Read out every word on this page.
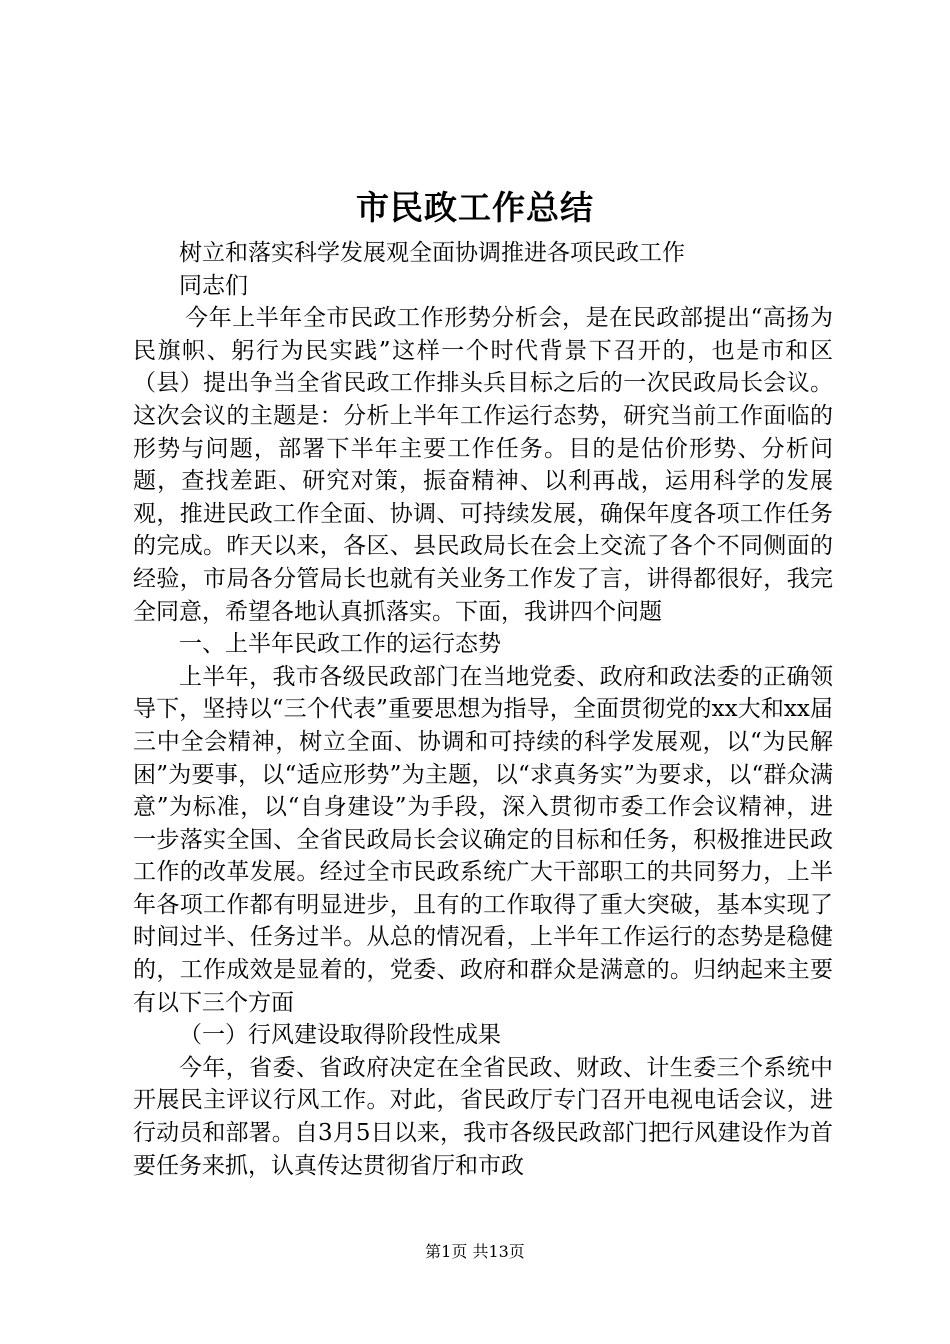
市民政工作总结

树立和落实科学发展观全面协调推进各项民政工作

同志们

今年上半年全市民政工作形势分析会，是在民政部提出“高扬为民旗帜、躬行为民实践”这样一个时代背景下召开的，也是市和区（县）提出争当全省民政工作排头兵目标之后的一次民政局长会议。这次会议的主题是：分析上半年工作运行态势，研究当前工作面临的形势与问题，部署下半年主要工作任务。目的是估价形势、分析问题，查找差距、研究对策，振奋精神、以利再战，运用科学的发展观，推进民政工作全面、协调、可持续发展，确保年度各项工作任务的完成。昨天以来，各区、县民政局长在会上交流了各个不同侧面的经验，市局各分管局长也就有关业务工作发了言，讲得都很好，我完全同意，希望各地认真抓落实。下面，我讲四个问题

一、上半年民政工作的运行态势

上半年，我市各级民政部门在当地党委、政府和政法委的正确领导下，坚持以“三个代表”重要思想为指导，全面贯彻党的xx大和xx届三中全会精神，树立全面、协调和可持续的科学发展观，以“为民解困”为要事，以“适应形势”为主题，以“求真务实”为要求，以“群众满意”为标准，以“自身建设”为手段，深入贯彻市委工作会议精神，进一步落实全国、全省民政局长会议确定的目标和任务，积极推进民政工作的改革发展。经过全市民政系统广大干部职工的共同努力，上半年各项工作都有明显进步，且有的工作取得了重大突破，基本实现了时间过半、任务过半。从总的情况看，上半年工作运行的态势是稳健的，工作成效是显着的，党委、政府和群众是满意的。归纳起来主要有以下三个方面

（一）行风建设取得阶段性成果

今年，省委、省政府决定在全省民政、财政、计生委三个系统中开展民主评议行风工作。对此，省民政厅专门召开电视电话会议，进行动员和部署。自3月5日以来，我市各级民政部门把行风建设作为首要任务来抓，认真传达贯彻省厅和市政

第1页 共13页
